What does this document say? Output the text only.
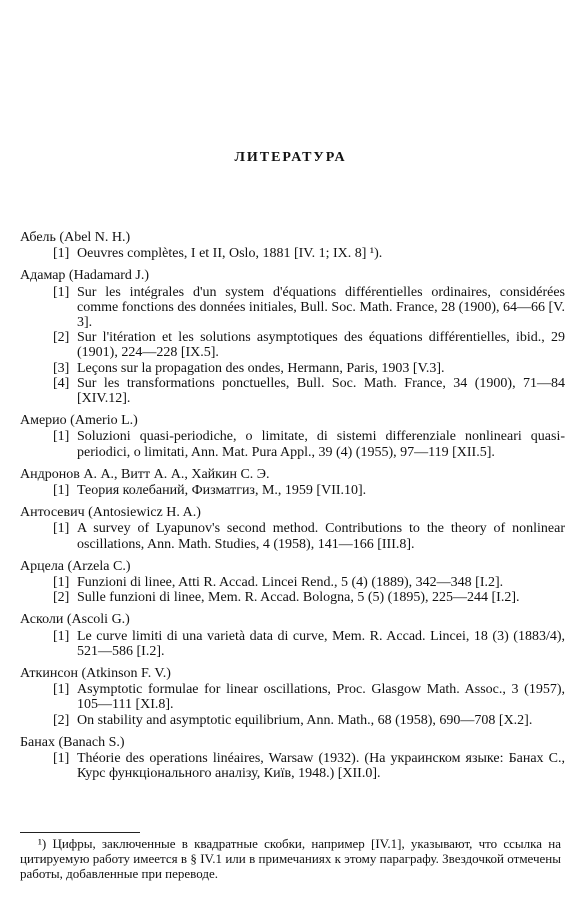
ЛИТЕРАТУРА
Абель (Abel N. H.)
[1] Oeuvres complètes, I et II, Oslo, 1881 [IV. 1; IX. 8] ¹).
Адамар (Hadamard J.)
[1] Sur les intégrales d'un system d'équations différentielles ordinaires, considérées comme fonctions des données initiales, Bull. Soc. Math. France, 28 (1900), 64—66 [V. 3].
[2] Sur l'itération et les solutions asymptotiques des équations différentielles, ibid., 29 (1901), 224—228 [IX.5].
[3] Leçons sur la propagation des ondes, Hermann, Paris, 1903 [V.3].
[4] Sur les transformations ponctuelles, Bull. Soc. Math. France, 34 (1900), 71—84 [XIV.12].
Америо (Amerio L.)
[1] Soluzioni quasi-periodiche, o limitate, di sistemi differenziale nonlineari quasi-periodici, o limitati, Ann. Mat. Pura Appl., 39 (4) (1955), 97—119 [XII.5].
Андронов А. А., Витт А. А., Хайкин С. Э.
[1] Теория колебаний, Физматгиз, М., 1959 [VII.10].
Антосевич (Antosiewicz H. A.)
[1] A survey of Lyapunov's second method. Contributions to the theory of nonlinear oscillations, Ann. Math. Studies, 4 (1958), 141—166 [III.8].
Арцела (Arzela C.)
[1] Funzioni di linee, Atti R. Accad. Lincei Rend., 5 (4) (1889), 342—348 [I.2].
[2] Sulle funzioni di linee, Mem. R. Accad. Bologna, 5 (5) (1895), 225—244 [I.2].
Асколи (Ascoli G.)
[1] Le curve limiti di una varietà data di curve, Mem. R. Accad. Lincei, 18 (3) (1883/4), 521—586 [I.2].
Аткинсон (Atkinson F. V.)
[1] Asymptotic formulae for linear oscillations, Proc. Glasgow Math. Assoc., 3 (1957), 105—111 [XI.8].
[2] On stability and asymptotic equilibrium, Ann. Math., 68 (1958), 690—708 [X.2].
Банах (Banach S.)
[1] Théorie des operations linéaires, Warsaw (1932). (На украинском языке: Банах С., Курс функціонального аналізу, Київ, 1948.) [XII.0].
¹) Цифры, заключенные в квадратные скобки, например [IV.1], указывают, что ссылка на цитируемую работу имеется в § IV.1 или в примечаниях к этому параграфу. Звездочкой отмечены работы, добавленные при переводе.
